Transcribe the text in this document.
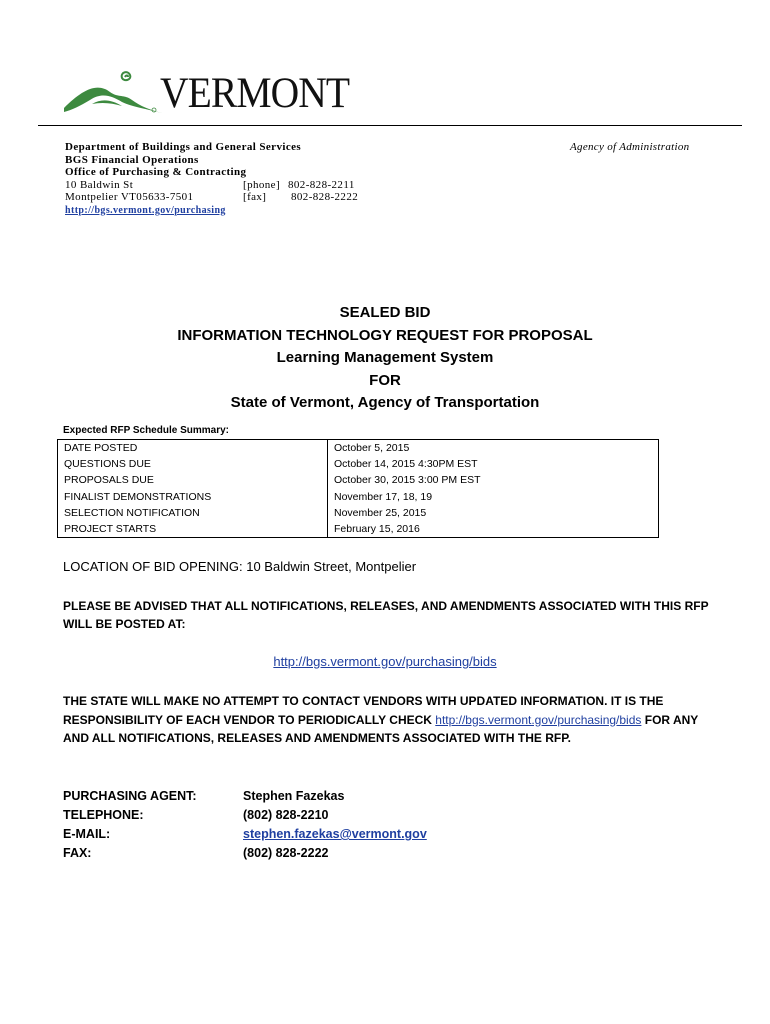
VERMONT
Department of Buildings and General Services
BGS Financial Operations
Office of Purchasing & Contracting
10 Baldwin St	[phone] 802-828-2211
Montpelier VT05633-7501	[fax] 802-828-2222
http://bgs.vermont.gov/purchasing
Agency of Administration
SEALED BID
INFORMATION TECHNOLOGY REQUEST FOR PROPOSAL
Learning Management System
FOR
State of Vermont, Agency of Transportation
Expected RFP Schedule Summary:
DATE POSTED	October 5, 2015
QUESTIONS DUE	October 14, 2015 4:30PM EST
PROPOSALS DUE	October 30, 2015 3:00 PM EST
FINALIST DEMONSTRATIONS	November 17, 18, 19
SELECTION NOTIFICATION	November 25, 2015
PROJECT STARTS	February 15, 2016
LOCATION OF BID OPENING: 10 Baldwin Street, Montpelier
PLEASE BE ADVISED THAT ALL NOTIFICATIONS, RELEASES, AND AMENDMENTS ASSOCIATED WITH THIS RFP WILL BE POSTED AT:
http://bgs.vermont.gov/purchasing/bids
THE STATE WILL MAKE NO ATTEMPT TO CONTACT VENDORS WITH UPDATED INFORMATION. IT IS THE RESPONSIBILITY OF EACH VENDOR TO PERIODICALLY CHECK http://bgs.vermont.gov/purchasing/bids FOR ANY AND ALL NOTIFICATIONS, RELEASES AND AMENDMENTS ASSOCIATED WITH THE RFP.
PURCHASING AGENT:	Stephen Fazekas
TELEPHONE:	(802) 828-2210
E-MAIL:	stephen.fazekas@vermont.gov
FAX:	(802) 828-2222
